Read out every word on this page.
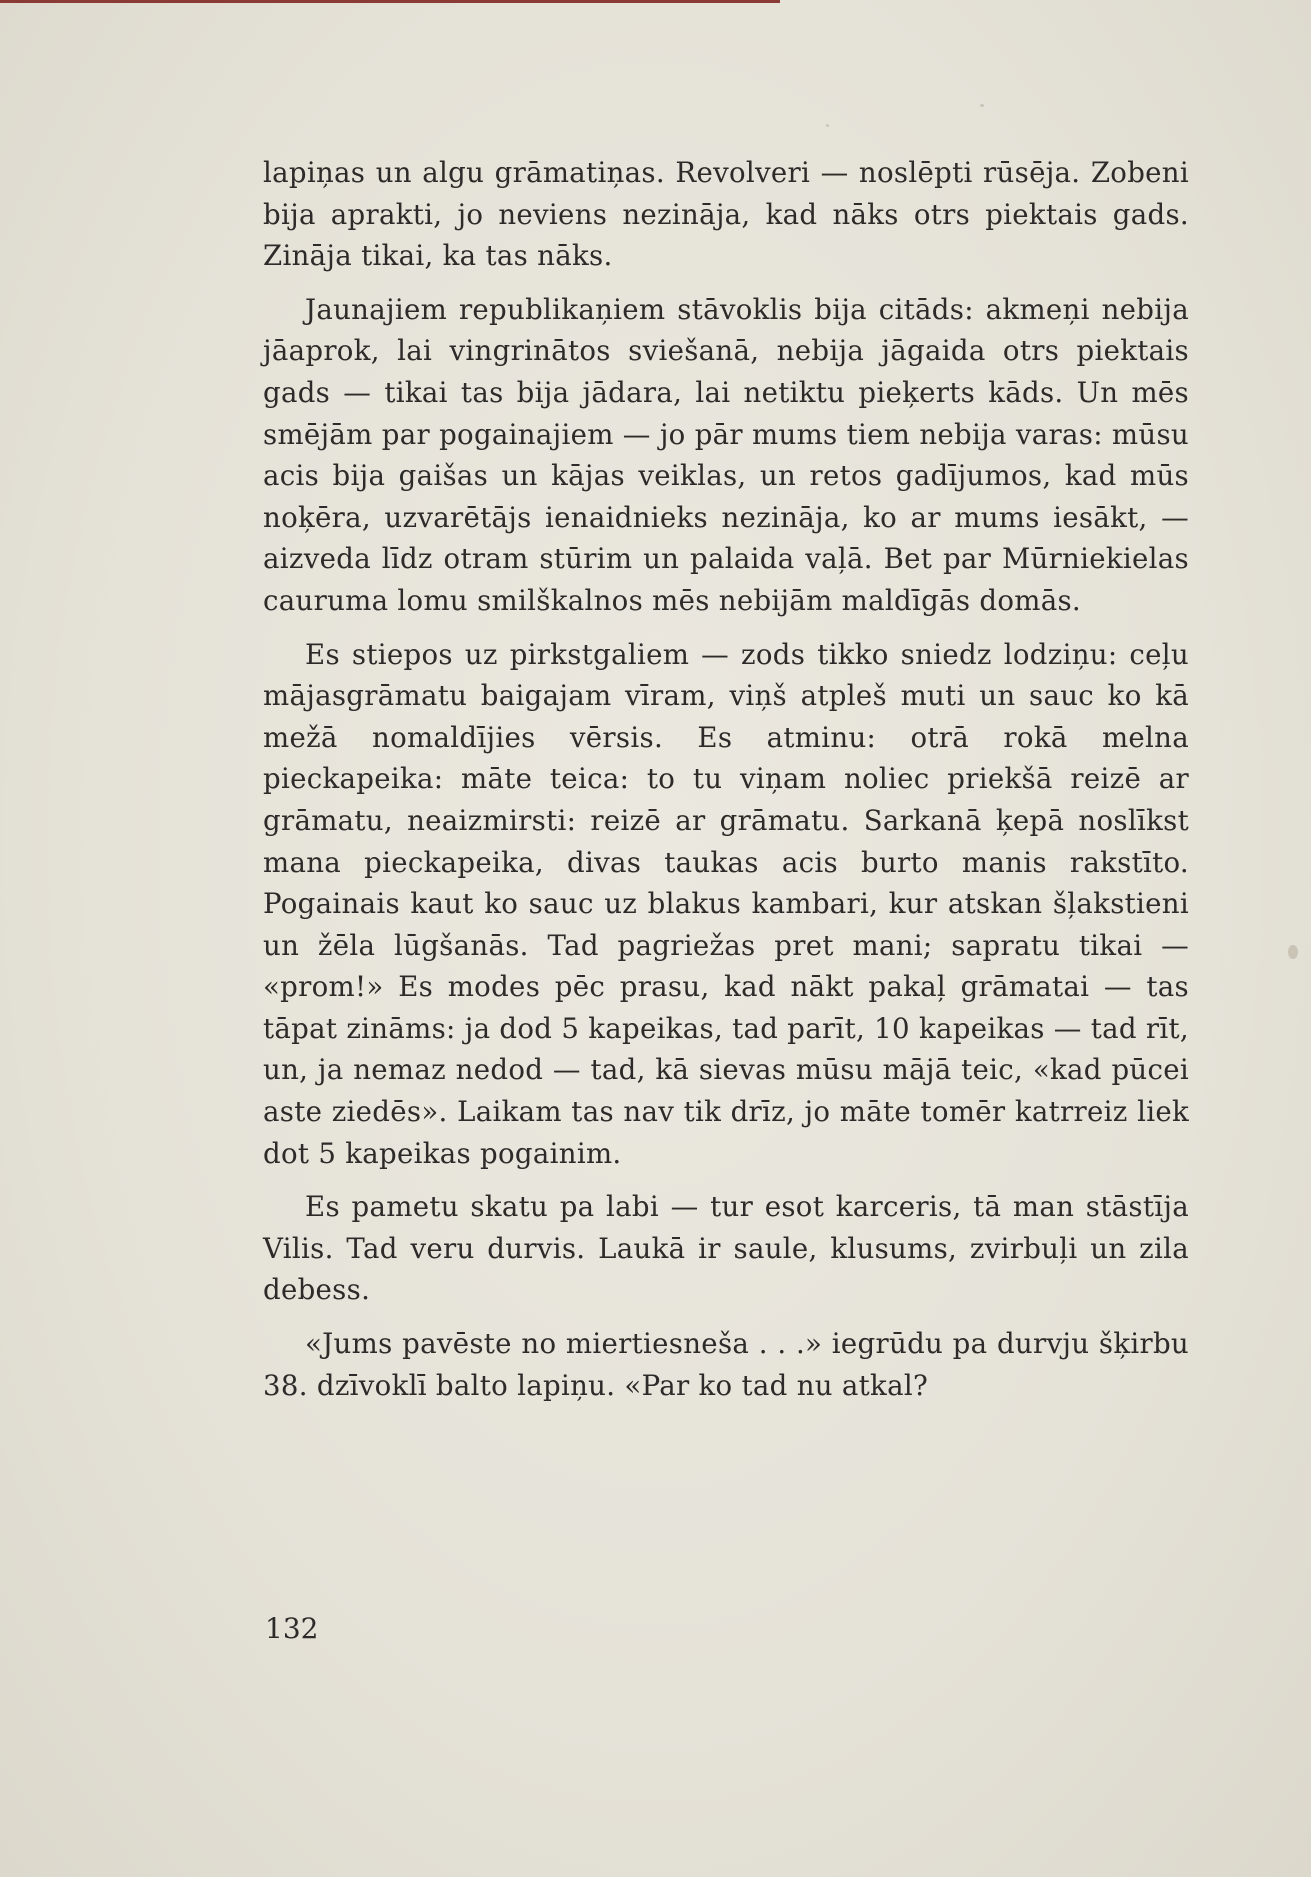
lapiņas un algu grāmatiņas. Revolveri — noslēpti rūsēja. Zobeni bija aprakti, jo neviens nezināja, kad nāks otrs piektais gads. Zināja tikai, ka tas nāks.

Jaunajiem republikaņiem stāvoklis bija citāds: akmeņi nebija jāaprok, lai vingrinātos sviešanā, nebija jāgaida otrs piektais gads — tikai tas bija jādara, lai netiktu pieķerts kāds. Un mēs smējām par pogainajiem — jo pār mums tiem nebija varas: mūsu acis bija gaišas un kājas veiklas, un retos gadījumos, kad mūs noķēra, uzvarētājs ienaidnieks nezināja, ko ar mums iesākt, — aizveda līdz otram stūrim un palaida vaļā. Bet par Mūrniekielas cauruma lomu smilškalnos mēs nebijām maldīgās domās.

Es stiepos uz pirkstgaliem — zods tikko sniedz lodziņu: ceļu mājasgrāmatu baigajam vīram, viņš atpleš muti un sauc ko kā mežā nomaldījies vērsis. Es atminu: otrā rokā melna pieckapeika: māte teica: to tu viņam noliec priekšā reizē ar grāmatu, neaizmirsti: reizē ar grāmatu. Sarkanā ķepā noslīkst mana pieckapeika, divas taukas acis burto manis rakstīto. Pogainais kaut ko sauc uz blakus kambari, kur atskan šļakstieni un žēla lūgšanās. Tad pagriežas pret mani; sapratu tikai — «prom!» Es modes pēc prasu, kad nākt pakaļ grāmatai — tas tāpat zināms: ja dod 5 kapeikas, tad parīt, 10 kapeikas — tad rīt, un, ja nemaz nedod — tad, kā sievas mūsu mājā teic, «kad pūcei aste ziedēs». Laikam tas nav tik drīz, jo māte tomēr katrreiz liek dot 5 kapeikas pogainim.

Es pametu skatu pa labi — tur esot karceris, tā man stāstīja Vilis. Tad veru durvis. Laukā ir saule, klusums, zvirbuļi un zila debess.

«Jums pavēste no miertiesneša . . .» iegrūdu pa durvju šķirbu 38. dzīvoklī balto lapiņu. «Par ko tad nu atkal?

132
